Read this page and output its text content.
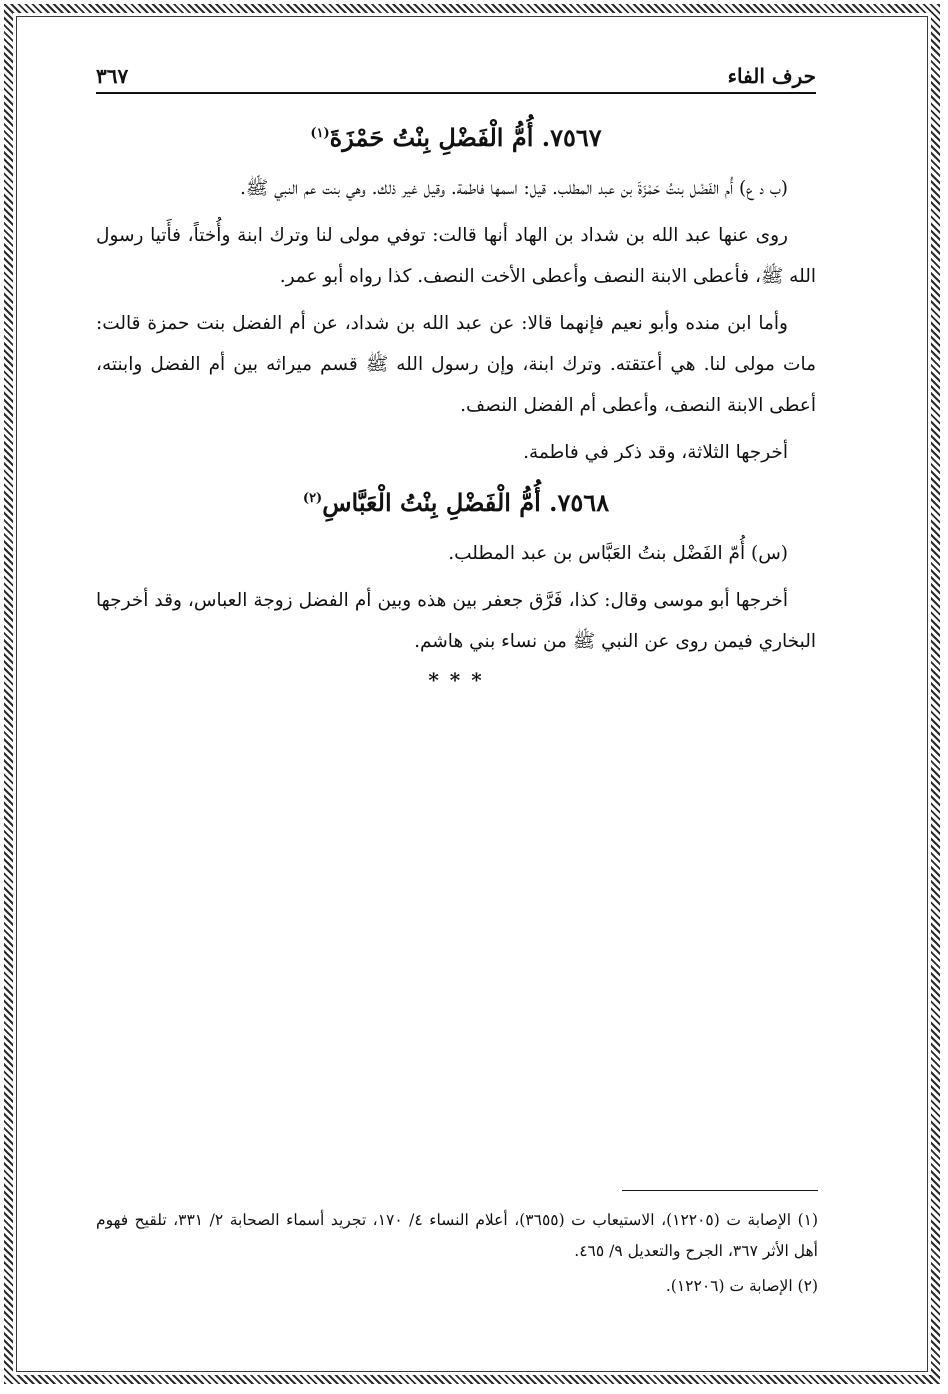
حرف الفاء
٣٦٧
٧٥٦٧. أُمُّ الْفَضْلِ بِنْتُ حَمْزَةَ$^{(١)}$

(ب د ع) أُم الفَضْل بنتُ حَمْزَةَ بن عبد المطلب. قيل: اسمها فاطمة. وقيل غير ذلك. وهي بنت عم النبي ﷺ.

روى عنها عبد الله بن شداد بن الهاد أنها قالت: توفي مولى لنا وترك ابنة وأُختاً، فأَتيا رسول الله ﷺ، فأعطى الابنة النصف وأعطى الأخت النصف. كذا رواه أبو عمر.

وأما ابن منده وأبو نعيم فإنهما قالا: عن عبد الله بن شداد، عن أم الفضل بنت حمزة قالت: مات مولى لنا. هي أعتقته. وترك ابنة، وإن رسول الله ﷺ قسم ميراثه بين أم الفضل وابنته، أعطى الابنة النصف، وأعطى أم الفضل النصف.

أخرجها الثلاثة، وقد ذكر في فاطمة.

٧٥٦٨. أُمُّ الْفَضْلِ بِنْتُ الْعَبَّاسِ$^{(٢)}$

(س) أُمّ الفَضْل بنتُ العَبَّاس بن عبد المطلب.

أخرجها أبو موسى وقال: كذا، فَرَّق جعفر بين هذه وبين أم الفضل زوجة العباس، وقد أخرجها البخاري فيمن روى عن النبي ﷺ من نساء بني هاشم.

* * *

(١) الإصابة ت (١٢٢٠٥)، الاستيعاب ت (٣٦٥٥)، أعلام النساء ٤/ ١٧٠، تجريد أسماء الصحابة ٢/ ٣٣١، تلقيح فهوم أهل الأثر ٣٦٧، الجرح والتعديل ٩/ ٤٦٥.

(٢) الإصابة ت (١٢٢٠٦).
